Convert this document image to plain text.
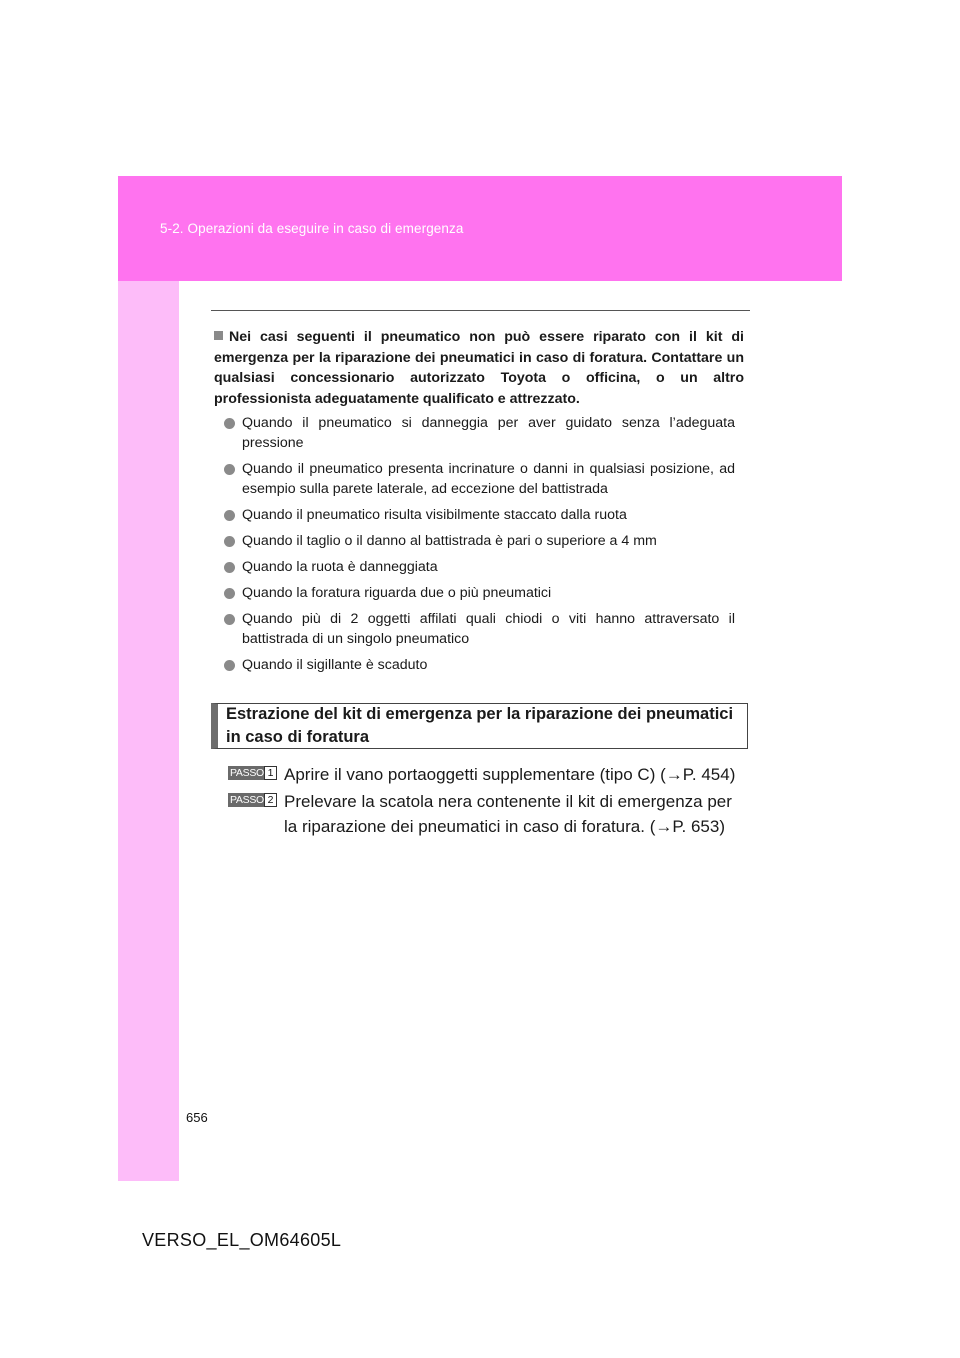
5-2. Operazioni da eseguire in caso di emergenza
Nei casi seguenti il pneumatico non può essere riparato con il kit di emergenza per la riparazione dei pneumatici in caso di foratura. Contattare un qualsiasi concessionario autorizzato Toyota o officina, o un altro professionista adeguatamente qualificato e attrezzato.
Quando il pneumatico si danneggia per aver guidato senza l’adeguata pressione
Quando il pneumatico presenta incrinature o danni in qualsiasi posizione, ad esempio sulla parete laterale, ad eccezione del battistrada
Quando il pneumatico risulta visibilmente staccato dalla ruota
Quando il taglio o il danno al battistrada è pari o superiore a 4 mm
Quando la ruota è danneggiata
Quando la foratura riguarda due o più pneumatici
Quando più di 2 oggetti affilati quali chiodi o viti hanno attraversato il battistrada di un singolo pneumatico
Quando il sigillante è scaduto
Estrazione del kit di emergenza per la riparazione dei pneumatici in caso di foratura
PASSO 1 Aprire il vano portaoggetti supplementare (tipo C) (→P. 454)
PASSO 2 Prelevare la scatola nera contenente il kit di emergenza per la riparazione dei pneumatici in caso di foratura. (→P. 653)
656
VERSO_EL_OM64605L
